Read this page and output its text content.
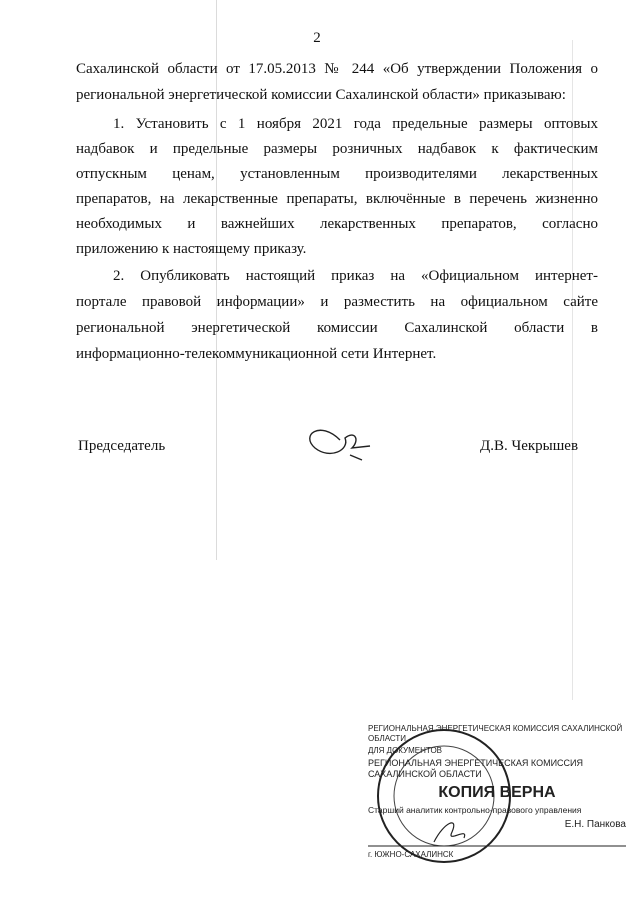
2
Сахалинской области от 17.05.2013 № 244 «Об утверждении Положения о
региональной энергетической комиссии Сахалинской области» приказываю:
1. Установить с 1 ноября 2021 года предельные размеры оптовых
надбавок и предельные размеры розничных надбавок к фактическим
отпускным ценам, установленным производителями лекарственных
препаратов, на лекарственные препараты, включённые в перечень жизненно
необходимых и важнейших лекарственных препаратов, согласно
приложению к настоящему приказу.
2. Опубликовать настоящий приказ на «Официальном интернет-
портале правовой информации» и разместить на официальном сайте
региональной энергетической комиссии Сахалинской области в
информационно-телекоммуникационной сети Интернет.
Председатель	Д.В. Чекрышев
РЕГИОНАЛЬНАЯ ЭНЕРГЕТИЧЕСКАЯ КОМИССИЯ САХАЛИНСКОЙ ОБЛАСТИ
ДЛЯ ДОКУМЕНТОВ
РЕГИОНАЛЬНАЯ ЭНЕРГЕТИЧЕСКАЯ КОМИССИЯ САХАЛИНСКОЙ ОБЛАСТИ
КОПИЯ ВЕРНА
Старший аналитик контрольно-правового управления
Е.Н. Панкова
г. ЮЖНО-САХАЛИНСК
